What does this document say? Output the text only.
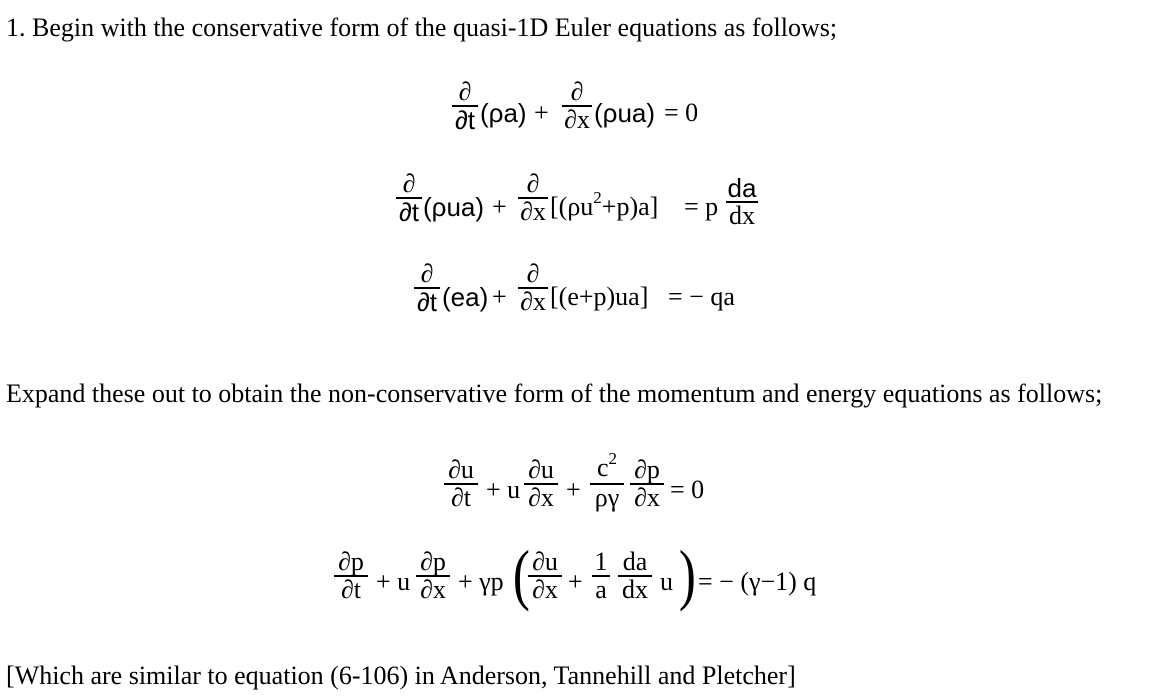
1. Begin with the conservative form of the quasi-1D Euler equations as follows;
∂
∂t (ρa) +
∂
∂x (ρua) = 0
∂
∂t (ρua) +
∂
∂x $[(\rho u^2+p)a] = p$
da
dx
∂
∂t (ea) +
∂
∂x [(e+p)ua] = − qa
Expand these out to obtain the non-conservative form of the momentum and energy equations as follows;
∂u
∂t + u
∂u
∂x +
$c^2$
ργ
∂p
∂x = 0
∂p
∂t + u
∂p
∂x + γp ( ∂u
∂x +
1
a
da
dx u ) = − (γ−1) q
[Which are similar to equation (6-106) in Anderson, Tannehill and Pletcher]
